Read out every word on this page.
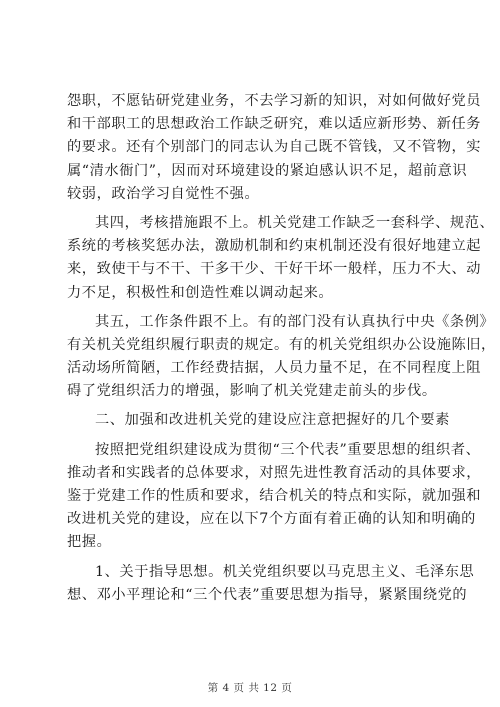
怨职，不愿钻研党建业务，不去学习新的知识，对如何做好党员
和干部职工的思想政治工作缺乏研究，难以适应新形势、新任务
的要求。还有个别部门的同志认为自己既不管钱，又不管物，实
属“清水衙门”，因而对环境建设的紧迫感认识不足，超前意识
较弱，政治学习自觉性不强。
其四，考核措施跟不上。机关党建工作缺乏一套科学、规范、
系统的考核奖惩办法，激励机制和约束机制还没有很好地建立起
来，致使干与不干、干多干少、干好干坏一般样，压力不大、动
力不足，积极性和创造性难以调动起来。
其五，工作条件跟不上。有的部门没有认真执行中央《条例》
有关机关党组织履行职责的规定。有的机关党组织办公设施陈旧，
活动场所简陋，工作经费拮据，人员力量不足，在不同程度上阻
碍了党组织活力的增强，影响了机关党建走前头的步伐。
二、加强和改进机关党的建设应注意把握好的几个要素
按照把党组织建设成为贯彻“三个代表”重要思想的组织者、
推动者和实践者的总体要求，对照先进性教育活动的具体要求，
鉴于党建工作的性质和要求，结合机关的特点和实际，就加强和
改进机关党的建设，应在以下7个方面有着正确的认知和明确的
把握。
1、关于指导思想。机关党组织要以马克思主义、毛泽东思
想、邓小平理论和“三个代表”重要思想为指导，紧紧围绕党的
第 4 页 共 12 页
